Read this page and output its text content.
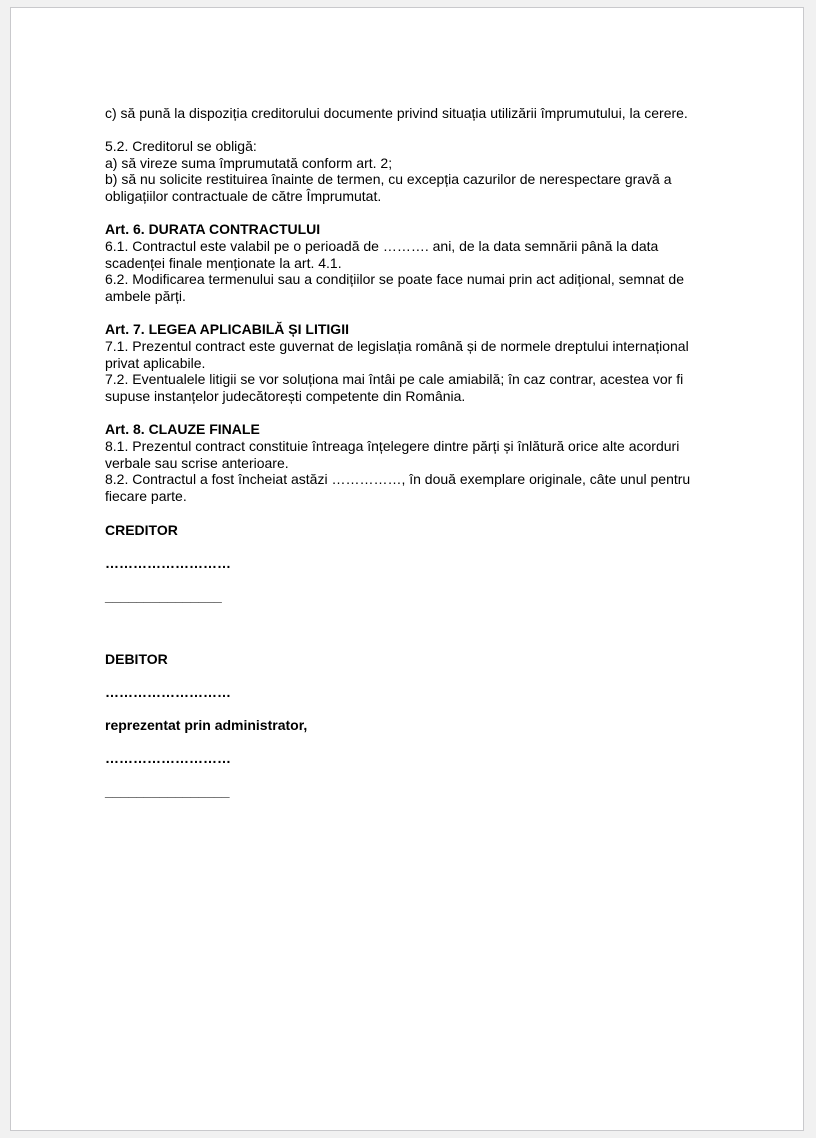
c) să pună la dispoziția creditorului documente privind situația utilizării împrumutului, la cerere.

5.2. Creditorul se obligă:

a) să vireze suma împrumutată conform art. 2;

b) să nu solicite restituirea înainte de termen, cu excepția cazurilor de nerespectare gravă a obligațiilor contractuale de către Împrumutat.

Art. 6. DURATA CONTRACTULUI

6.1. Contractul este valabil pe o perioadă de ………. ani, de la data semnării până la data scadenței finale menționate la art. 4.1.

6.2. Modificarea termenului sau a condițiilor se poate face numai prin act adițional, semnat de ambele părți.

Art. 7. LEGEA APLICABILĂ ȘI LITIGII

7.1. Prezentul contract este guvernat de legislația română și de normele dreptului internațional privat aplicabile.

7.2. Eventualele litigii se vor soluționa mai întâi pe cale amiabilă; în caz contrar, acestea vor fi supuse instanțelor judecătorești competente din România.

Art. 8. CLAUZE FINALE

8.1. Prezentul contract constituie întreaga înțelegere dintre părți și înlătură orice alte acorduri verbale sau scrise anterioare.

8.2. Contractul a fost încheiat astăzi ……………, în două exemplare originale, câte unul pentru fiecare parte.

CREDITOR

………………………

_______________

DEBITOR

………………………

reprezentat prin administrator,

………………………

________________
